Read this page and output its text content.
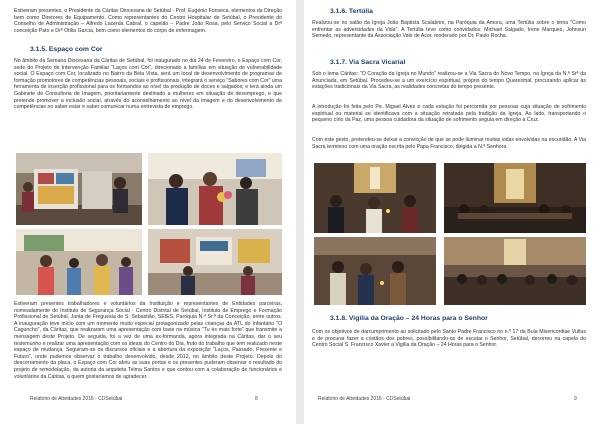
Estiveram presentes, o Presidente da Cáritas Diocesana de Setúbal - Prof. Eugénio Fonseca, elementos da Direção bem como Diretores de Equipamento. Como representantes do Centro Hospitalar de Setúbal, o Presidente do Conselho de Administração – Alfredo Lacerda Cabral, o capelão – Padre João Rosa, pelo Serviço Social a Drª conceição Pato e Drª Otília Garcia, bem como elementos do corpo de enfermagem.

3.1.5. Espaço com Cor

No âmbito da Semana Diocesana da Cáritas de Setúbal, foi inaugurado no dia 24 de Fevereiro, o Espaço com Cor, sede do Projeto de Intervenção Familiar "Laços com Cor", direcionado a famílias em situação de vulnerabilidade social. O Espaço com Cor, localizado no Bairro da Bela Vista, será um local de desenvolvimento de programas de formação promotores de competências pessoais, sociais e profissionais, integrará o serviço "Sabores com Cor" uma ferramenta de inserção profissional para os formandos ao nível da produção de doces e salgados; e terá ainda um Gabinete de Consultoria de Imagem, prioritariamente destinado a mulheres em situação de desemprego, e que pretende promover a inclusão social, através do aconselhamento ao nível da imagem e do desenvolvimento de competências no saber estar e saber comunicar numa entrevista de emprego.

Estiveram presentes trabalhadores e voluntários da Instituição e representantes de Entidades parceiras, nomeadamente do Instituto de Segurança Social - Centro Distrital de Setúbal, Instituto de Emprego e Formação Profissional de Setúbal, Junta de Freguesia de S. Sebastião, SEIES, Paróquia N.ª Sr.ª da Conceição, entre outros. A inauguração teve início com um momento muito especial protagonizado pelas crianças da ATL do Infantário "O Caguncho", da Cáritas, que realizaram uma apresentação com base na música "Tu és mais forte" que transmite a mensagem deste Projeto. De seguida, foi a vez de uma ex-formanda, agora integrada na Cáritas, dar o seu testemunho e realizar uma apresentação com os ideais do Centro do Dia, fruto do trabalho que tem realizado neste espaço de mudança. Seguiram-se os discursos oficiais e a abertura da exposição "Laços, Passado, Presente e Futuro", onde pudemos observar o trabalho desenvolvido, desde 2012, no âmbito deste Projeto. Depois do descerramento da placa, o Espaço com Cor abriu as suas portas e os presentes puderam observar o resultado do projeto de remodelação, da autoria da arquiteta Telma Santos e que contou com a colaboração de funcionários e voluntários da Cáritas, a quem gostaríamos de agradecer.

Relatório de Atividades 2016 - CDSetúbal	8

3.1.6. Tertúlia

Realizou-se no salão da Igreja João Baptista Scalabrini, na Paróquia da Amora, uma Tertúlia sobre o tema "Como enfrentar as adversidades da Vida". A Tertúlia teve como convidados: Michael Salgado, Irene Marques, Johnsun Semedo, representante da Associação Vale de Acor, moderado por Dr. Paulo Rocha.

3.1.7. Via Sacra Vicarial

Sob o lema Cáritas: "O Coração da Igreja no Mundo" realizou-se a Via Sacra do Novo Tempo, na Igreja da N.ª Srª da Anunciada, em Setúbal. Procedeu-se a um exercício espiritual, próprio do tempo Quaresmal, procurando aplicar às estações tradicionais da Via Sacra, as realidades concretas do tempo presente.

A introdução foi feita pelo Pe. Miguel Alves e cada estação foi percorrida por pessoas cuja situação de sofrimento espiritual ou material se identificava com a situação retratada pela tradição da Igreja. Ao lado, transportando o pequeno círio da Paz, uma pessoa cuidadora da situação de sofrimento seguia em direção à Cruz.

Com este gesto, pretendeu-se deixar a convicção de que se pode iluminar muitas vidas envolvidas na escuridão. A Via Sacra terminou com uma oração escrita pelo Papa Francisco, dirigida a N.ª Senhora.

3.1.8. Vigília da Oração – 24 Horas para o Senhor

Com os objetivos de darcumprimento ao solicitado pelo Santo Padre Francisco no n.º 17 da Bula Misericordiae Vultus e de procurar fazer a cristãos dos pobres, possibilitando-os de escutar o Senhor, Setúbal, decorreu na capela do Centro Social S. Francisco Xavier a Vigília da Oração – 24 Horas para o Senhor.

Relatório de Atividades 2016 - CDSetúbal	9
